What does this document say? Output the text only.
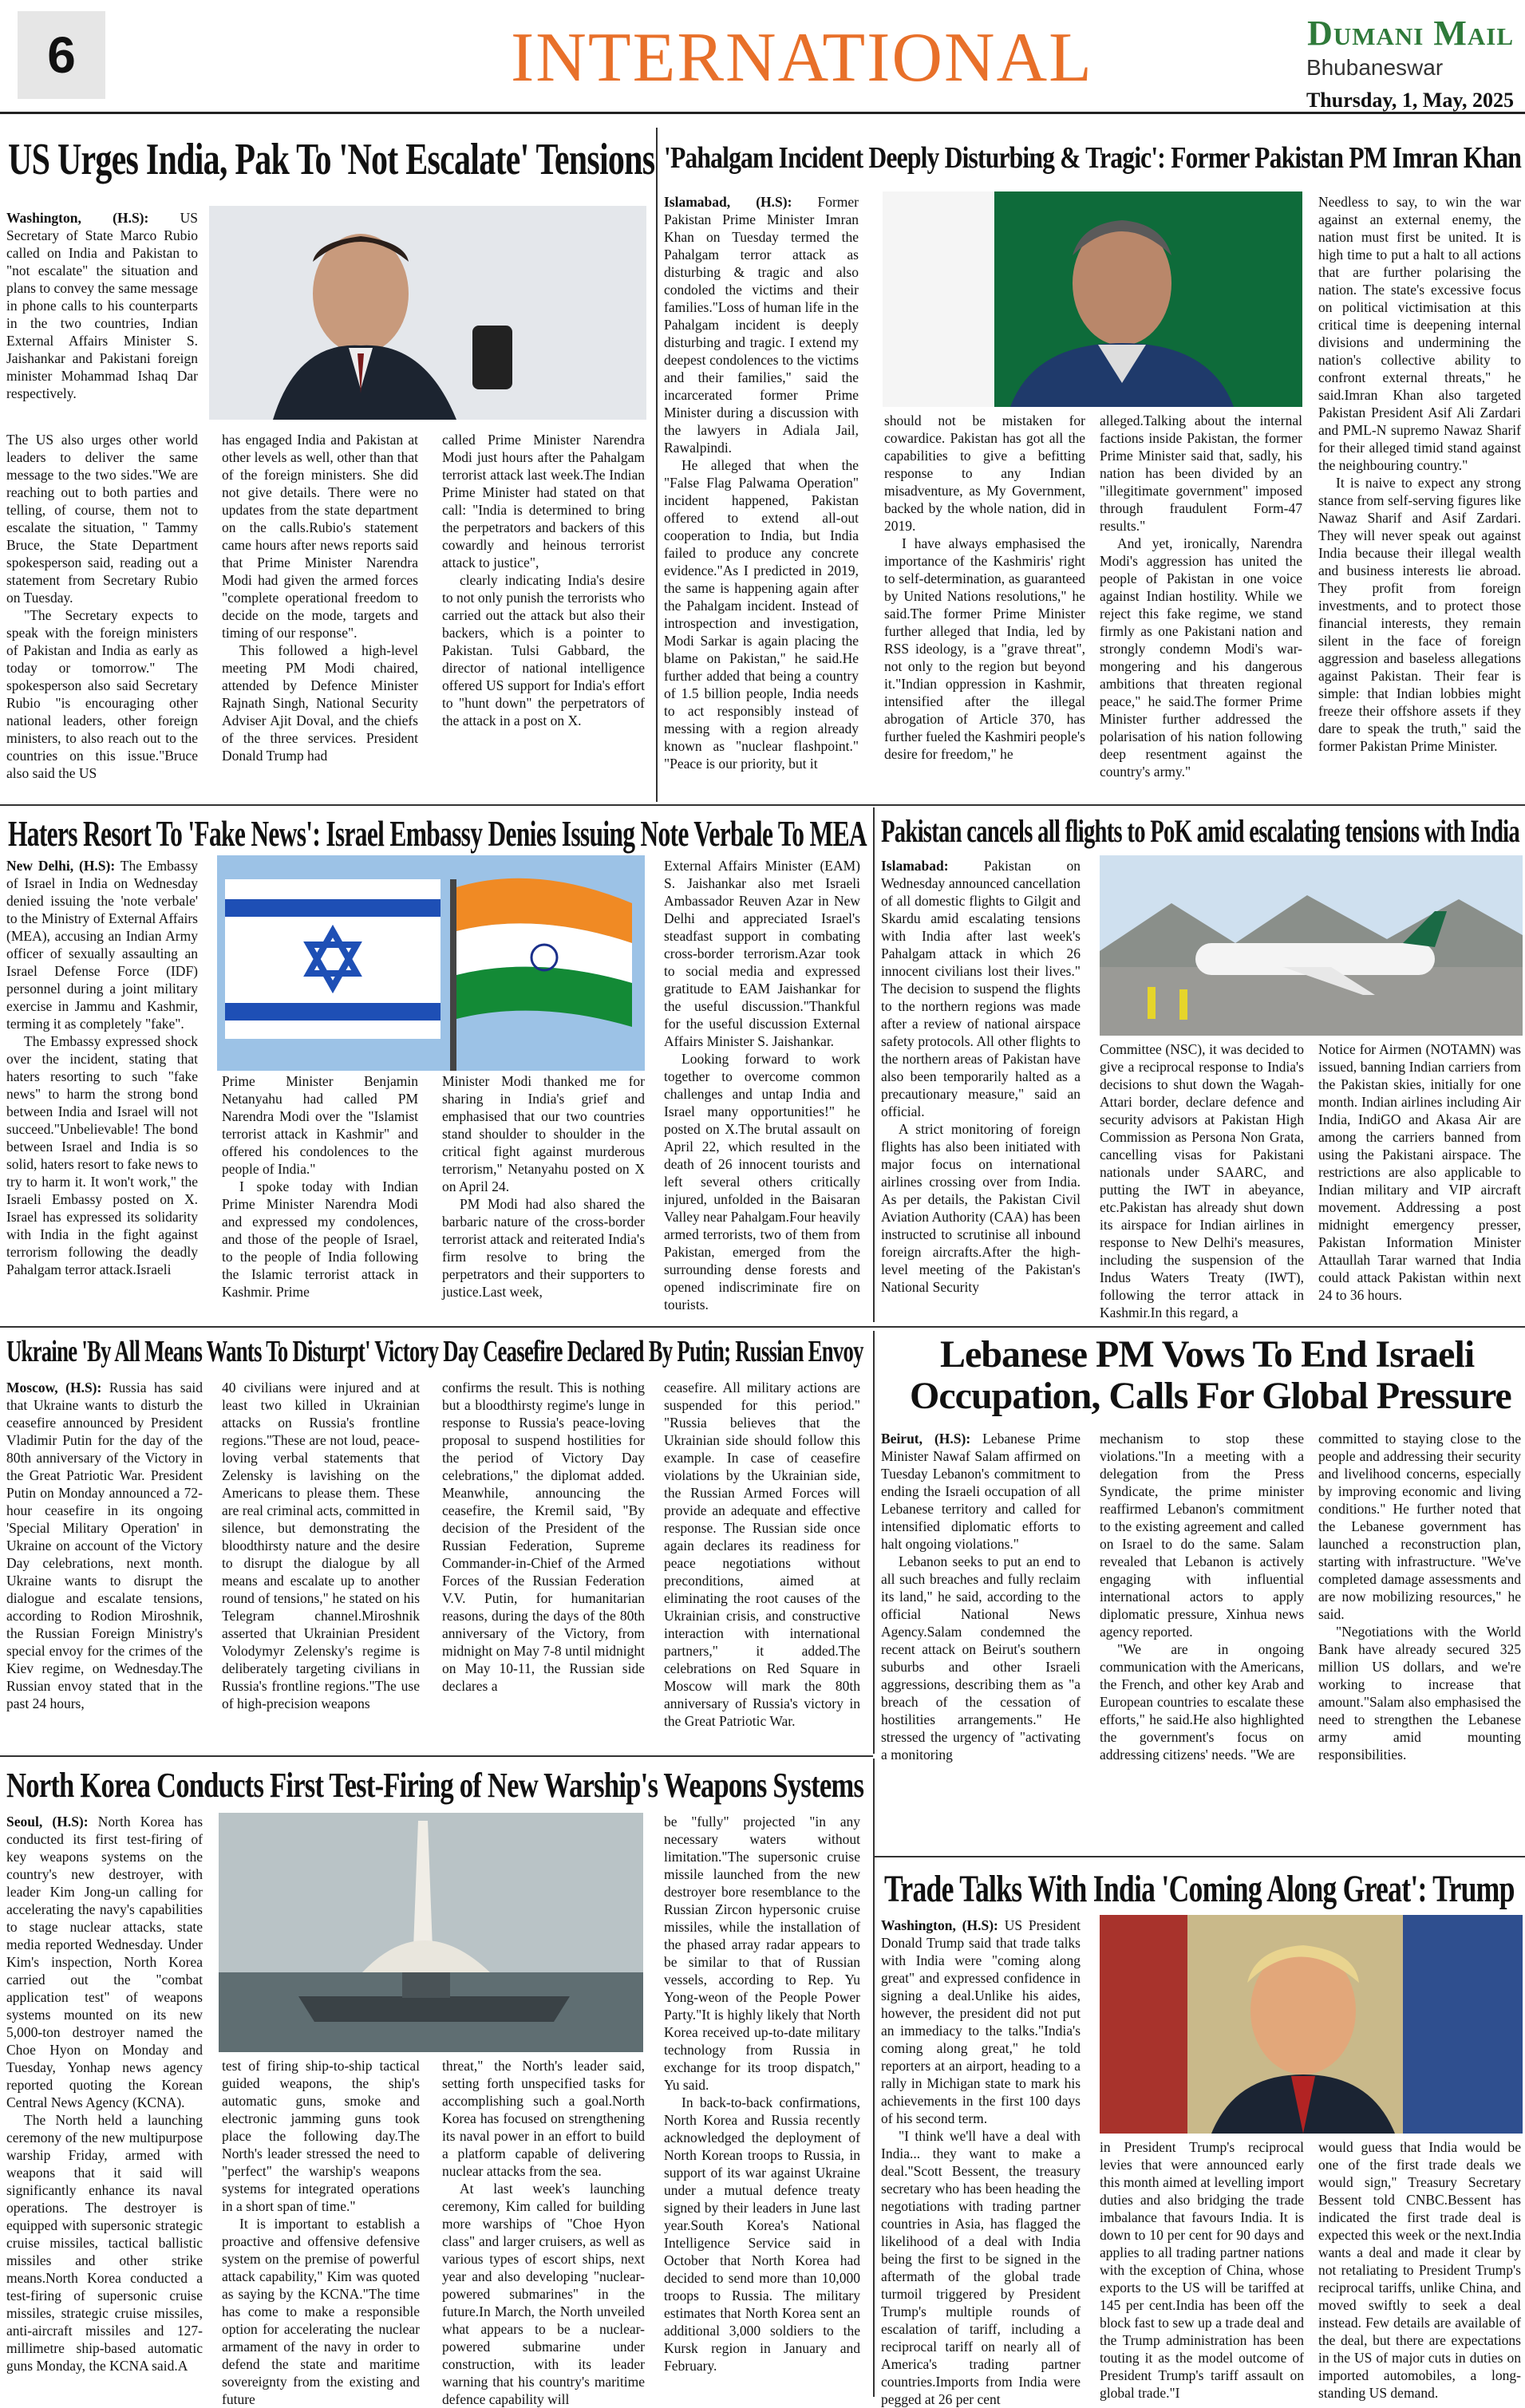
6	INTERNATIONAL	Dumani Mail
Bhubaneswar
Thursday, 1, May, 2025
US Urges India, Pak To 'Not Escalate' Tensions

Washington, (H.S): US Secretary of State Marco Rubio called on India and Pakistan to "not escalate" the situation and plans to convey the same message in phone calls to his counterparts in the two countries, Indian External Affairs Minister S. Jaishankar and Pakistani foreign minister Mohammad Ishaq Dar respectively.

The US also urges other world leaders to deliver the same message to the two sides."We are reaching out to both parties and telling, of course, them not to escalate the situation, " Tammy Bruce, the State Department spokesperson said, reading out a statement from Secretary Rubio on Tuesday.

"The Secretary expects to speak with the foreign ministers of Pakistan and India as early as today or tomorrow." The spokesperson also said Secretary Rubio "is encouraging other national leaders, other foreign ministers, to also reach out to the countries on this issue."Bruce also said the US

has engaged India and Pakistan at other levels as well, other than that of the foreign ministers. She did not give details. There were no updates from the state department on the calls.Rubio's statement came hours after news reports said that Prime Minister Narendra Modi had given the armed forces "complete operational freedom to decide on the mode, targets and timing of our response".

This followed a high-level meeting PM Modi chaired, attended by Defence Minister Rajnath Singh, National Security Adviser Ajit Doval, and the chiefs of the three services. President Donald Trump had

called Prime Minister Narendra Modi just hours after the Pahalgam terrorist attack last week.The Indian Prime Minister had stated on that call: "India is determined to bring the perpetrators and backers of this cowardly and heinous terrorist attack to justice",

clearly indicating India's desire to not only punish the terrorists who carried out the attack but also their backers, which is a pointer to Pakistan. Tulsi Gabbard, the director of national intelligence offered US support for India's effort to "hunt down" the perpetrators of the attack in a post on X.

'Pahalgam Incident Deeply Disturbing & Tragic': Former Pakistan PM Imran Khan

Islamabad, (H.S): Former Pakistan Prime Minister Imran Khan on Tuesday termed the Pahalgam terror attack as disturbing & tragic and also condoled the victims and their families."Loss of human life in the Pahalgam incident is deeply disturbing and tragic. I extend my deepest condolences to the victims and their families," said the incarcerated former Prime Minister during a discussion with the lawyers in Adiala Jail, Rawalpindi.

He alleged that when the "False Flag Palwama Operation" incident happened, Pakistan offered to extend all-out cooperation to India, but India failed to produce any concrete evidence."As I predicted in 2019, the same is happening again after the Pahalgam incident. Instead of introspection and investigation, Modi Sarkar is again placing the blame on Pakistan," he said.He further added that being a country of 1.5 billion people, India needs to act responsibly instead of messing with a region already known as "nuclear flashpoint." "Peace is our priority, but it

should not be mistaken for cowardice. Pakistan has got all the capabilities to give a befitting response to any Indian misadventure, as My Government, backed by the whole nation, did in 2019.

I have always emphasised the importance of the Kashmiris' right to self-determination, as guaranteed by United Nations resolutions," he said.The former Prime Minister further alleged that India, led by RSS ideology, is a "grave threat", not only to the region but beyond it."Indian oppression in Kashmir, intensified after the illegal abrogation of Article 370, has further fueled the Kashmiri people's desire for freedom," he

alleged.Talking about the internal factions inside Pakistan, the former Prime Minister said that, sadly, his nation has been divided by an "illegitimate government" imposed through fraudulent Form-47 results."

And yet, ironically, Narendra Modi's aggression has united the people of Pakistan in one voice against Indian hostility. While we reject this fake regime, we stand firmly as one Pakistani nation and strongly condemn Modi's war-mongering and his dangerous ambitions that threaten regional peace," he said.The former Prime Minister further addressed the polarisation of his nation following deep resentment against the country's army."

Needless to say, to win the war against an external enemy, the nation must first be united. It is high time to put a halt to all actions that are further polarising the nation. The state's excessive focus on political victimisation at this critical time is deepening internal divisions and undermining the nation's collective ability to confront external threats," he said.Imran Khan also targeted Pakistan President Asif Ali Zardari and PML-N supremo Nawaz Sharif for their alleged timid stand against the neighbouring country."

It is naive to expect any strong stance from self-serving figures like Nawaz Sharif and Asif Zardari. They will never speak out against India because their illegal wealth and business interests lie abroad. They profit from foreign investments, and to protect those financial interests, they remain silent in the face of foreign aggression and baseless allegations against Pakistan. Their fear is simple: that Indian lobbies might freeze their offshore assets if they dare to speak the truth," said the former Pakistan Prime Minister.

Haters Resort To 'Fake News': Israel Embassy Denies Issuing Note Verbale To MEA

New Delhi, (H.S): The Embassy of Israel in India on Wednesday denied issuing the 'note verbale' to the Ministry of External Affairs (MEA), accusing an Indian Army officer of sexually assaulting an Israel Defense Force (IDF) personnel during a joint military exercise in Jammu and Kashmir, terming it as completely "fake".

The Embassy expressed shock over the incident, stating that haters resorting to such "fake news" to harm the strong bond between India and Israel will not succeed."Unbelievable! The bond between Israel and India is so solid, haters resort to fake news to try to harm it. It won't work," the Israeli Embassy posted on X. Israel has expressed its solidarity with India in the fight against terrorism following the deadly Pahalgam terror attack.Israeli

Prime Minister Benjamin Netanyahu had called PM Narendra Modi over the "Islamist terrorist attack in Kashmir" and offered his condolences to the people of India."

I spoke today with Indian Prime Minister Narendra Modi and expressed my condolences, and those of the people of Israel, to the people of India following the Islamic terrorist attack in Kashmir. Prime

Minister Modi thanked me for sharing in India's grief and emphasised that our two countries stand shoulder to shoulder in the critical fight against murderous terrorism," Netanyahu posted on X on April 24.

PM Modi had also shared the barbaric nature of the cross-border terrorist attack and reiterated India's firm resolve to bring the perpetrators and their supporters to justice.Last week,

External Affairs Minister (EAM) S. Jaishankar also met Israeli Ambassador Reuven Azar in New Delhi and appreciated Israel's steadfast support in combating cross-border terrorism.Azar took to social media and expressed gratitude to EAM Jaishankar for the useful discussion."Thankful for the useful discussion External Affairs Minister S. Jaishankar.

Looking forward to work together to overcome common challenges and untap India and Israel many opportunities!" he posted on X.The brutal assault on April 22, which resulted in the death of 26 innocent tourists and left several others critically injured, unfolded in the Baisaran Valley near Pahalgam.Four heavily armed terrorists, two of them from Pakistan, emerged from the surrounding dense forests and opened indiscriminate fire on tourists.

Pakistan cancels all flights to PoK amid escalating tensions with India

Islamabad:	Pakistan on Wednesday announced cancellation of all domestic flights to Gilgit and Skardu amid escalating tensions with India after last week's Pahalgam attack in which 26 innocent civilians lost their lives." The decision to suspend the flights to the northern regions was made after a review of national airspace safety protocols. All other flights to the northern areas of Pakistan have also been temporarily halted as a precautionary measure," said an official.

A strict monitoring of foreign flights has also been initiated with major focus on international airlines crossing over from India. As per details, the Pakistan Civil Aviation Authority (CAA) has been instructed to scrutinise all inbound foreign aircrafts.After the high-level meeting of the Pakistan's National Security

Committee (NSC), it was decided to give a reciprocal response to India's decisions to shut down the Wagah-Attari border, declare defence and security advisors at Pakistan High Commission as Persona Non Grata, cancelling visas for Pakistani nationals under SAARC, and putting the IWT in abeyance, etc.Pakistan has already shut down its airspace for Indian airlines in response to New Delhi's measures, including the suspension of the Indus Waters Treaty (IWT), following the terror attack in Kashmir.In this regard, a

Notice for Airmen (NOTAMN) was issued, banning Indian carriers from the Pakistan skies, initially for one month. Indian airlines including Air India, IndiGO and Akasa Air are among the carriers banned from using the Pakistani airspace. The restrictions are also applicable to Indian military and VIP aircraft movement. Addressing a post midnight emergency presser, Pakistan Information Minister Attaullah Tarar warned that India could attack Pakistan within next 24 to 36 hours.

Ukraine 'By All Means Wants To Disturpt' Victory Day Ceasefire Declared By Putin; Russian Envoy

Moscow, (H.S): Russia has said that Ukraine wants to disturb the ceasefire announced by President Vladimir Putin for the day of the 80th anniversary of the Victory in the Great Patriotic War. President Putin on Monday announced a 72-hour ceasefire in its ongoing 'Special Military Operation' in Ukraine on account of the Victory Day celebrations, next month. Ukraine wants to disrupt the dialogue and escalate tensions, according to Rodion Miroshnik, the Russian Foreign Ministry's special envoy for the crimes of the Kiev regime, on Wednesday.The Russian envoy stated that in the past 24 hours,

40 civilians were injured and at least two killed in Ukrainian attacks on Russia's frontline regions."These are not loud, peace-loving verbal statements that Zelensky is lavishing on the Americans to please them. These are real criminal acts, committed in silence, but demonstrating the bloodthirsty nature and the desire to disrupt the dialogue by all means and escalate up to another round of tensions," he stated on his Telegram channel.Miroshnik asserted that Ukrainian President Volodymyr Zelensky's regime is deliberately targeting civilians in Russia's frontline regions."The use of high-precision weapons

confirms the result. This is nothing but a bloodthirsty regime's lunge in response to Russia's peace-loving proposal to suspend hostilities for the period of Victory Day celebrations," the diplomat added. Meanwhile, announcing the ceasefire, the Kremil said, "By decision of the President of the Russian Federation, Supreme Commander-in-Chief of the Armed Forces of the Russian Federation V.V. Putin, for humanitarian reasons, during the days of the 80th anniversary of the Victory, from midnight on May 7-8 until midnight on May 10-11, the Russian side declares a

ceasefire. All military actions are suspended for this period." "Russia believes that the Ukrainian side should follow this example. In case of ceasefire violations by the Ukrainian side, the Russian Armed Forces will provide an adequate and effective response. The Russian side once again declares its readiness for peace negotiations without preconditions, aimed at eliminating the root causes of the Ukrainian crisis, and constructive interaction with international partners," it added.The celebrations on Red Square in Moscow will mark the 80th anniversary of Russia's victory in the Great Patriotic War.

Lebanese PM Vows To End Israeli
Occupation, Calls For Global Pressure

Beirut, (H.S): Lebanese Prime Minister Nawaf Salam affirmed on Tuesday Lebanon's commitment to ending the Israeli occupation of all Lebanese territory and called for intensified diplomatic efforts to halt ongoing violations."

Lebanon seeks to put an end to all such breaches and fully reclaim its land," he said, according to the official National News Agency.Salam condemned the recent attack on Beirut's southern suburbs and other Israeli aggressions, describing them as "a breach of the cessation of hostilities arrangements." He stressed the urgency of "activating a monitoring

mechanism to stop these violations."In a meeting with a delegation from the Press Syndicate, the prime minister reaffirmed Lebanon's commitment to the existing agreement and called on Israel to do the same. Salam revealed that Lebanon is actively engaging with influential international actors to apply diplomatic pressure, Xinhua news agency reported.

"We are in ongoing communication with the Americans, the French, and other key Arab and European countries to escalate these efforts," he said.He also highlighted the government's focus on addressing citizens' needs. "We are

committed to staying close to the people and addressing their security and livelihood concerns, especially by improving economic and living conditions." He further noted that the Lebanese government has launched a reconstruction plan, starting with infrastructure. "We've completed damage assessments and are now mobilizing resources," he said.

"Negotiations with the World Bank have already secured 325 million US dollars, and we're working to increase that amount."Salam also emphasised the need to strengthen the Lebanese army amid mounting responsibilities.

North Korea Conducts First Test-Firing of New Warship's Weapons Systems

Seoul, (H.S): North Korea has conducted its first test-firing of key weapons systems on the country's new destroyer, with leader Kim Jong-un calling for accelerating the navy's capabilities to stage nuclear attacks, state media reported Wednesday. Under Kim's inspection, North Korea carried out the "combat application test" of weapons systems mounted on its new 5,000-ton destroyer named the Choe Hyon on Monday and Tuesday, Yonhap news agency reported quoting the Korean Central News Agency (KCNA).

The North held a launching ceremony of the new multipurpose warship Friday, armed with weapons that it said will significantly enhance its naval operations. The destroyer is equipped with supersonic strategic cruise missiles, tactical ballistic missiles and other strike means.North Korea conducted a test-firing of supersonic cruise missiles, strategic cruise missiles, anti-aircraft missiles and 127-millimetre ship-based automatic guns Monday, the KCNA said.A

test of firing ship-to-ship tactical guided weapons, the ship's automatic guns, smoke and electronic jamming guns took place the following day.The North's leader stressed the need to "perfect" the warship's weapons systems for integrated operations in a short span of time."

It is important to establish a proactive and offensive defensive system on the premise of powerful attack capability," Kim was quoted as saying by the KCNA."The time has come to make a responsible option for accelerating the nuclear armament of the navy in order to defend the state and maritime sovereignty from the existing and future

threat," the North's leader said, setting forth unspecified tasks for accomplishing such a goal.North Korea has focused on strengthening its naval power in an effort to build a platform capable of delivering nuclear attacks from the sea.

At last week's launching ceremony, Kim called for building more warships of "Choe Hyon class" and larger cruisers, as well as various types of escort ships, next year and also developing "nuclear-powered submarines" in the future.In March, the North unveiled what appears to be a nuclear-powered submarine under construction, with its leader warning that his country's maritime defence capability will

be "fully" projected "in any necessary waters without limitation."The supersonic cruise missile launched from the new destroyer bore resemblance to the Russian Zircon hypersonic cruise missiles, while the installation of the phased array radar appears to be similar to that of Russian vessels, according to Rep. Yu Yong-weon of the People Power Party."It is highly likely that North Korea received up-to-date military technology from Russia in exchange for its troop dispatch," Yu said.

In back-to-back confirmations, North Korea and Russia recently acknowledged the deployment of North Korean troops to Russia, in support of its war against Ukraine under a mutual defence treaty signed by their leaders in June last year.South Korea's National Intelligence Service said in October that North Korea had decided to send more than 10,000 troops to Russia. The military estimates that North Korea sent an additional 3,000 soldiers to the Kursk region in January and February.

Trade Talks With India 'Coming Along Great': Trump

Washington, (H.S): US President Donald Trump said that trade talks with India were "coming along great" and expressed confidence in signing a deal.Unlike his aides, however, the president did not put an immediacy to the talks."India's coming along great," he told reporters at an airport, heading to a rally in Michigan state to mark his achievements in the first 100 days of his second term.

"I think we'll have a deal with India... they want to make a deal."Scott Bessent, the treasury secretary who has been heading the negotiations with trading partner countries in Asia, has flagged the likelihood of a deal with India being the first to be signed in the aftermath of the global trade turmoil triggered by President Trump's multiple rounds of escalation of tariff, including a reciprocal tariff on nearly all of America's trading partner countries.Imports from India were pegged at 26 per cent

in President Trump's reciprocal levies that were announced early this month aimed at levelling import duties and also bridging the trade imbalance that favours India. It is down to 10 per cent for 90 days and applies to all trading partner nations with the exception of China, whose exports to the US will be tariffed at 145 per cent.India has been off the block fast to sew up a trade deal and the Trump administration has been touting it as the model outcome of President Trump's tariff assault on global trade."I

would guess that India would be one of the first trade deals we would sign," Treasury Secretary Bessent told CNBC.Bessent has indicated the first trade deal is expected this week or the next.India wants a deal and made it clear by not retaliating to President Trump's reciprocal tariffs, unlike China, and moved swiftly to seek a deal instead. Few details are available of the deal, but there are expectations in the US of major cuts in duties on imported automobiles, a long-standing US demand.
